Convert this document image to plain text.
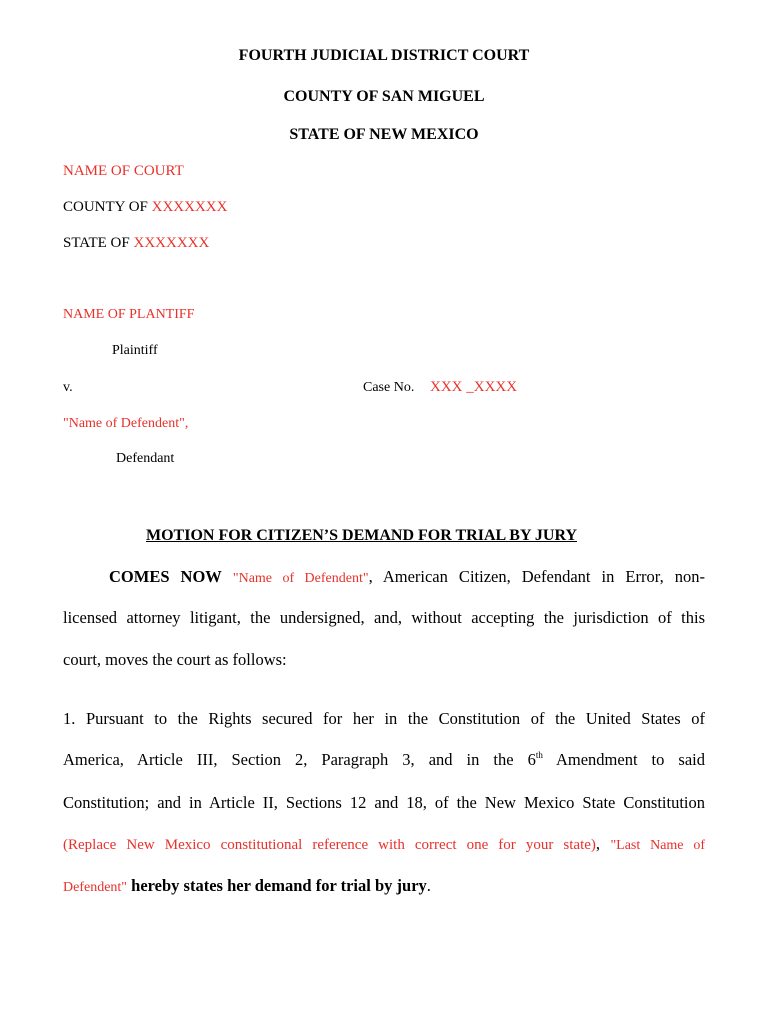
FOURTH JUDICIAL DISTRICT COURT
COUNTY OF SAN MIGUEL
STATE OF NEW MEXICO
NAME OF COURT
COUNTY OF XXXXXXX
STATE OF XXXXXXX
NAME OF PLANTIFF
Plaintiff
v.	Case No. XXX _XXXX
"Name of Defendent",
Defendant
MOTION FOR CITIZEN’S DEMAND FOR TRIAL BY JURY
COMES NOW "Name of Defendent", American Citizen, Defendant in Error, non-
licensed attorney litigant, the undersigned, and, without accepting the jurisdiction of this
court, moves the court as follows:
1. Pursuant to the Rights secured for her in the Constitution of the United States of
America, Article III, Section 2, Paragraph 3, and in the 6th Amendment to said
Constitution; and in Article II, Sections 12 and 18, of the New Mexico State Constitution
(Replace New Mexico constitutional reference with correct one for your state), "Last Name of
Defendent" hereby states her demand for trial by jury.
